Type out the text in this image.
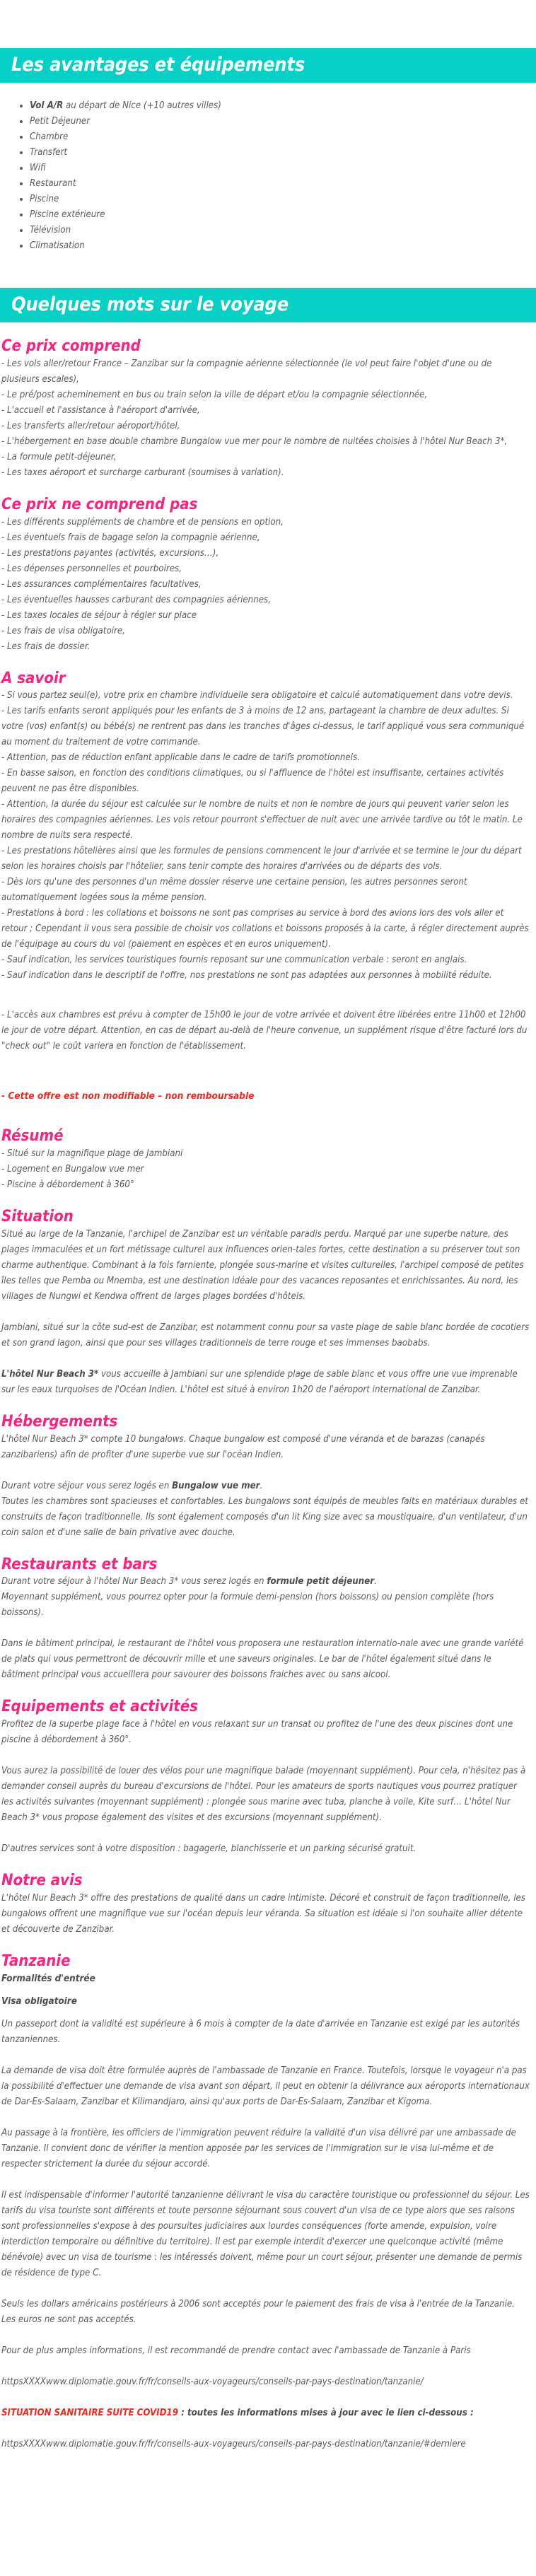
Les avantages et équipements
Vol A/R au départ de Nice (+10 autres villes)
Petit Déjeuner
Chambre
Transfert
Wifi
Restaurant
Piscine
Piscine extérieure
Télévision
Climatisation
Quelques mots sur le voyage
Ce prix comprend
- Les vols aller/retour France – Zanzibar sur la compagnie aérienne sélectionnée (le vol peut faire l'objet d'une ou de plusieurs escales),
- Le pré/post acheminement en bus ou train selon la ville de départ et/ou la compagnie sélectionnée,
- L'accueil et l'assistance à l'aéroport d'arrivée,
- Les transferts aller/retour aéroport/hôtel,
- L'hébergement en base double chambre Bungalow vue mer pour le nombre de nuitées choisies à l'hôtel Nur Beach 3*,
- La formule petit-déjeuner,
- Les taxes aéroport et surcharge carburant (soumises à variation).
Ce prix ne comprend pas
- Les différents suppléments de chambre et de pensions en option,
- Les éventuels frais de bagage selon la compagnie aérienne,
- Les prestations payantes (activités, excursions…),
- Les dépenses personnelles et pourboires,
- Les assurances complémentaires facultatives,
- Les éventuelles hausses carburant des compagnies aériennes,
- Les taxes locales de séjour à régler sur place
- Les frais de visa obligatoire,
- Les frais de dossier.
A savoir
- Si vous partez seul(e), votre prix en chambre individuelle sera obligatoire et calculé automatiquement dans votre devis.
- Les tarifs enfants seront appliqués pour les enfants de 3 à moins de 12 ans, partageant la chambre de deux adultes. Si votre (vos) enfant(s) ou bébé(s) ne rentrent pas dans les tranches d'âges ci-dessus, le tarif appliqué vous sera communiqué au moment du traitement de votre commande.
- Attention, pas de réduction enfant applicable dans le cadre de tarifs promotionnels.
- En basse saison, en fonction des conditions climatiques, ou si l'affluence de l'hôtel est insuffisante, certaines activités peuvent ne pas être disponibles.
- Attention, la durée du séjour est calculée sur le nombre de nuits et non le nombre de jours qui peuvent varier selon les horaires des compagnies aériennes. Les vols retour pourront s'effectuer de nuit avec une arrivée tardive ou tôt le matin. Le nombre de nuits sera respecté.
- Les prestations hôtelières ainsi que les formules de pensions commencent le jour d'arrivée et se termine le jour du départ selon les horaires choisis par l'hôtelier, sans tenir compte des horaires d'arrivées ou de départs des vols.
- Dès lors qu'une des personnes d'un même dossier réserve une certaine pension, les autres personnes seront automatiquement logées sous la même pension.
- Prestations à bord : les collations et boissons ne sont pas comprises au service à bord des avions lors des vols aller et retour ; Cependant il vous sera possible de choisir vos collations et boissons proposés à la carte, à régler directement auprès de l'équipage au cours du vol (paiement en espèces et en euros uniquement).
- Sauf indication, les services touristiques fournis reposant sur une communication verbale : seront en anglais.
- Sauf indication dans le descriptif de l'offre, nos prestations ne sont pas adaptées aux personnes à mobilité réduite.
- L'accès aux chambres est prévu à compter de 15h00 le jour de votre arrivée et doivent être libérées entre 11h00 et 12h00 le jour de votre départ. Attention, en cas de départ au-delà de l'heure convenue, un supplément risque d'être facturé lors du "check out" le coût variera en fonction de l'établissement.
- Cette offre est non modifiable – non remboursable
Résumé
- Situé sur la magnifique plage de Jambiani
- Logement en Bungalow vue mer
- Piscine à débordement à 360°
Situation
Situé au large de la Tanzanie, l'archipel de Zanzibar est un véritable paradis perdu. Marqué par une superbe nature, des plages immaculées et un fort métissage culturel aux influences orien-tales fortes, cette destination a su préserver tout son charme authentique. Combinant à la fois farniente, plongée sous-marine et visites culturelles, l'archipel composé de petites îles telles que Pemba ou Mnemba, est une destination idéale pour des vacances reposantes et enrichissantes. Au nord, les villages de Nungwi et Kendwa offrent de larges plages bordées d'hôtels.
Jambiani, situé sur la côte sud-est de Zanzibar, est notamment connu pour sa vaste plage de sable blanc bordée de cocotiers et son grand lagon, ainsi que pour ses villages traditionnels de terre rouge et ses immenses baobabs.
L'hôtel Nur Beach 3* vous accueille à Jambiani sur une splendide plage de sable blanc et vous offre une vue imprenable sur les eaux turquoises de l'Océan Indien. L'hôtel est situé à environ 1h20 de l'aéroport international de Zanzibar.
Hébergements
L'hôtel Nur Beach 3* compte 10 bungalows. Chaque bungalow est composé d'une véranda et de barazas (canapés zanzibariens) afin de profiter d'une superbe vue sur l'océan Indien.
Durant votre séjour vous serez logés en Bungalow vue mer.
Toutes les chambres sont spacieuses et confortables. Les bungalows sont équipés de meubles faits en matériaux durables et construits de façon traditionnelle. Ils sont également composés d'un lit King size avec sa moustiquaire, d'un ventilateur, d'un coin salon et d'une salle de bain privative avec douche.
Restaurants et bars
Durant votre séjour à l'hôtel Nur Beach 3* vous serez logés en formule petit déjeuner.
Moyennant supplément, vous pourrez opter pour la formule demi-pension (hors boissons) ou pension complète (hors boissons).
Dans le bâtiment principal, le restaurant de l'hôtel vous proposera une restauration internatio-nale avec une grande variété de plats qui vous permettront de découvrir mille et une saveurs originales. Le bar de l'hôtel également situé dans le bâtiment principal vous accueillera pour savourer des boissons fraiches avec ou sans alcool.
Equipements et activités
Profitez de la superbe plage face à l'hôtel en vous relaxant sur un transat ou profitez de l'une des deux piscines dont une piscine à débordement à 360°.
Vous aurez la possibilité de louer des vélos pour une magnifique balade (moyennant supplément). Pour cela, n'hésitez pas à demander conseil auprès du bureau d'excursions de l'hôtel. Pour les amateurs de sports nautiques vous pourrez pratiquer les activités suivantes (moyennant supplément) : plongée sous marine avec tuba, planche à voile, Kite surf… L'hôtel Nur Beach 3* vous propose également des visites et des excursions (moyennant supplément).
D'autres services sont à votre disposition : bagagerie, blanchisserie et un parking sécurisé gratuit.
Notre avis
L'hôtel Nur Beach 3* offre des prestations de qualité dans un cadre intimiste. Décoré et construit de façon traditionnelle, les bungalows offrent une magnifique vue sur l'océan depuis leur véranda. Sa situation est idéale si l'on souhaite allier détente et découverte de Zanzibar.
Tanzanie
Formalités d'entrée
Visa obligatoire
Un passeport dont la validité est supérieure à 6 mois à compter de la date d'arrivée en Tanzanie est exigé par les autorités tanzaniennes.
La demande de visa doit être formulée auprès de l'ambassade de Tanzanie en France. Toutefois, lorsque le voyageur n'a pas la possibilité d'effectuer une demande de visa avant son départ, il peut en obtenir la délivrance aux aéroports internationaux de Dar-Es-Salaam, Zanzibar et Kilimandjaro, ainsi qu'aux ports de Dar-Es-Salaam, Zanzibar et Kigoma.
Au passage à la frontière, les officiers de l'immigration peuvent réduire la validité d'un visa délivré par une ambassade de Tanzanie. Il convient donc de vérifier la mention apposée par les services de l'immigration sur le visa lui-même et de respecter strictement la durée du séjour accordé.
Il est indispensable d'informer l'autorité tanzanienne délivrant le visa du caractère touristique ou professionnel du séjour. Les tarifs du visa touriste sont différents et toute personne séjournant sous couvert d'un visa de ce type alors que ses raisons sont professionnelles s'expose à des poursuites judiciaires aux lourdes conséquences (forte amende, expulsion, voire interdiction temporaire ou définitive du territoire). Il est par exemple interdit d'exercer une quelconque activité (même bénévole) avec un visa de tourisme : les intéressés doivent, même pour un court séjour, présenter une demande de permis de résidence de type C.
Seuls les dollars américains postérieurs à 2006 sont acceptés pour le paiement des frais de visa à l'entrée de la Tanzanie. Les euros ne sont pas acceptés.
Pour de plus amples informations, il est recommandé de prendre contact avec l'ambassade de Tanzanie à Paris
httpsXXXXwww.diplomatie.gouv.fr/fr/conseils-aux-voyageurs/conseils-par-pays-destination/tanzanie/
SITUATION SANITAIRE SUITE COVID19 : toutes les informations mises à jour avec le lien ci-dessous :
httpsXXXXwww.diplomatie.gouv.fr/fr/conseils-aux-voyageurs/conseils-par-pays-destination/tanzanie/#derniere
